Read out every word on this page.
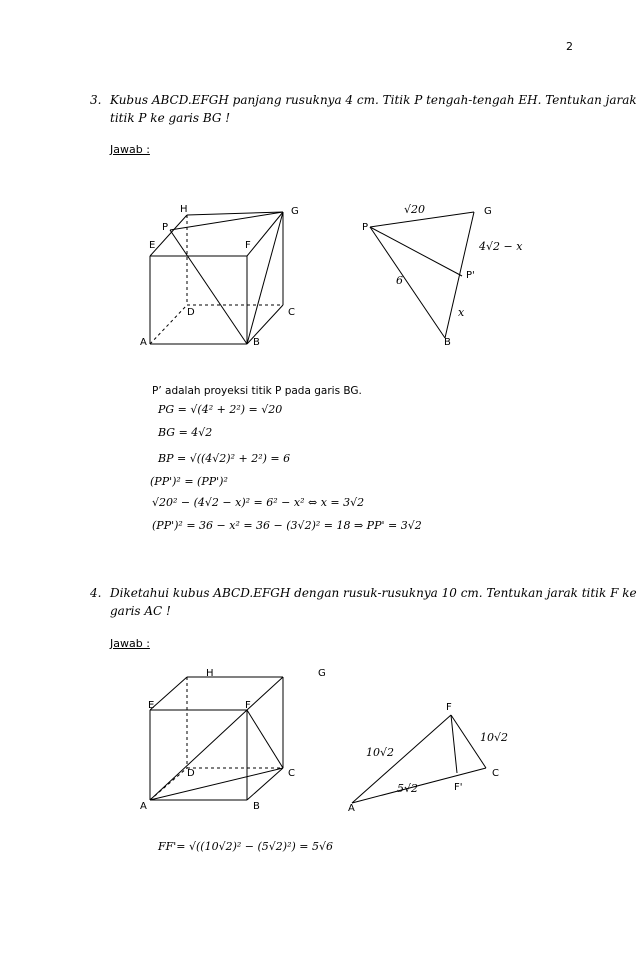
2
3. Kubus ABCD.EFGH panjang rusuknya 4 cm. Titik P tengah-tengah EH. Tentukan jarak
titik P ke garis BG !
Jawab :
H	G
P
E	F
D	C
A	B
P
G
P'
B
√20
4√2 − x
6
x
P’ adalah proyeksi titik P pada garis BG.
PG = √(4² + 2²) = √20
BG = 4√2
BP = √((4√2)² + 2²) = 6
(PP')² = (PP')²
√20² − (4√2 − x)² = 6² − x² ⇔ x = 3√2
(PP')² = 36 − x² = 36 − (3√2)² = 18 ⇒ PP' = 3√2
4. Diketahui kubus ABCD.EFGH dengan rusuk-rusuknya 10 cm. Tentukan jarak titik F ke
garis AC !
Jawab :
H	G
E	F
D	C
A	B
F
A
C
F'
10√2
10√2
5√2
FF'= √((10√2)² − (5√2)²) = 5√6
